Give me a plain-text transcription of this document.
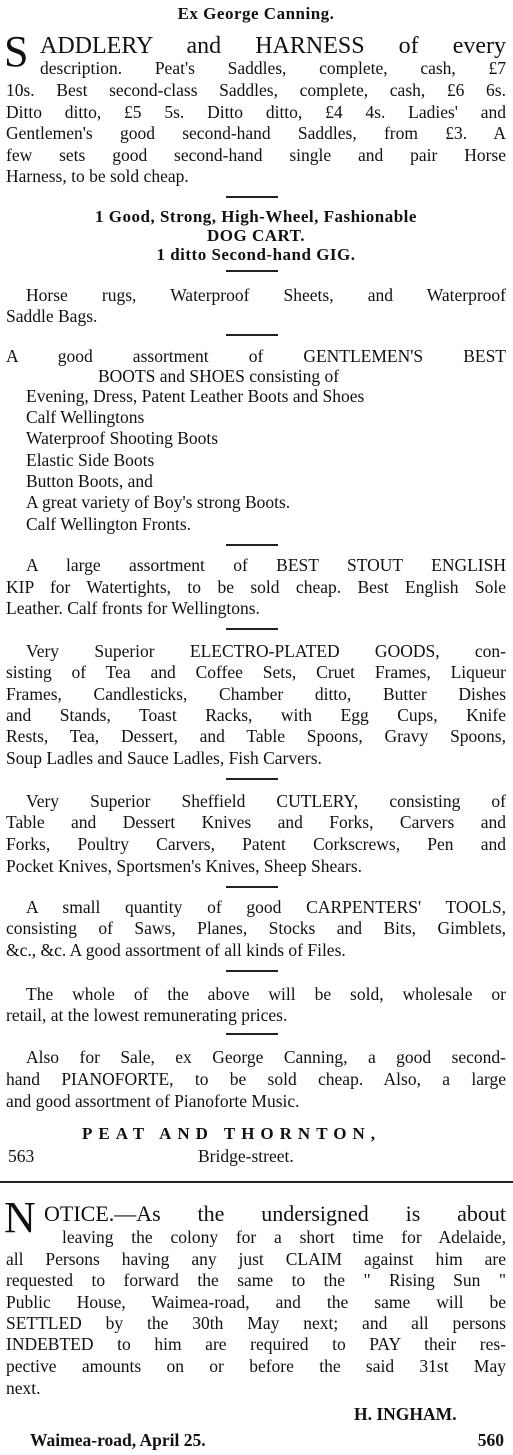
Ex George Canning.
S ADDLERY and HARNESS of every
description. Peat's Saddles, complete, cash, £7
10s. Best second-class Saddles, complete, cash, £6 6s.
Ditto ditto, £5 5s. Ditto ditto, £4 4s. Ladies' and
Gentlemen's good second-hand Saddles, from £3. A
few sets good second-hand single and pair Horse
Harness, to be sold cheap.
1 Good, Strong, High-Wheel, Fashionable
DOG CART.
1 ditto Second-hand GIG.
Horse rugs, Waterproof Sheets, and Waterproof
Saddle Bags.
A good assortment of GENTLEMEN'S BEST
BOOTS and SHOES consisting of
Evening, Dress, Patent Leather Boots and Shoes
Calf Wellingtons
Waterproof Shooting Boots
Elastic Side Boots
Button Boots, and
A great variety of Boy's strong Boots.
Calf Wellington Fronts.
A large assortment of BEST STOUT ENGLISH
KIP for Watertights, to be sold cheap. Best English Sole
Leather. Calf fronts for Wellingtons.
Very Superior ELECTRO-PLATED GOODS, con-
sisting of Tea and Coffee Sets, Cruet Frames, Liqueur
Frames, Candlesticks, Chamber ditto, Butter Dishes
and Stands, Toast Racks, with Egg Cups, Knife
Rests, Tea, Dessert, and Table Spoons, Gravy Spoons,
Soup Ladles and Sauce Ladles, Fish Carvers.
Very Superior Sheffield CUTLERY, consisting of
Table and Dessert Knives and Forks, Carvers and
Forks, Poultry Carvers, Patent Corkscrews, Pen and
Pocket Knives, Sportsmen's Knives, Sheep Shears.
A small quantity of good CARPENTERS' TOOLS,
consisting of Saws, Planes, Stocks and Bits, Gimblets,
&c., &c. A good assortment of all kinds of Files.
The whole of the above will be sold, wholesale or
retail, at the lowest remunerating prices.
Also for Sale, ex George Canning, a good second-
hand PIANOFORTE, to be sold cheap. Also, a large
and good assortment of Pianoforte Music.
PEAT AND THORNTON,
563	Bridge-street.
N OTICE.—As the undersigned is about
leaving the colony for a short time for Adelaide,
all Persons having any just CLAIM against him are
requested to forward the same to the " Rising Sun "
Public House, Waimea-road, and the same will be
SETTLED by the 30th May next; and all persons
INDEBTED to him are required to PAY their res-
pective amounts on or before the said 31st May
next.
H. INGHAM.
Waimea-road, April 25.	560
